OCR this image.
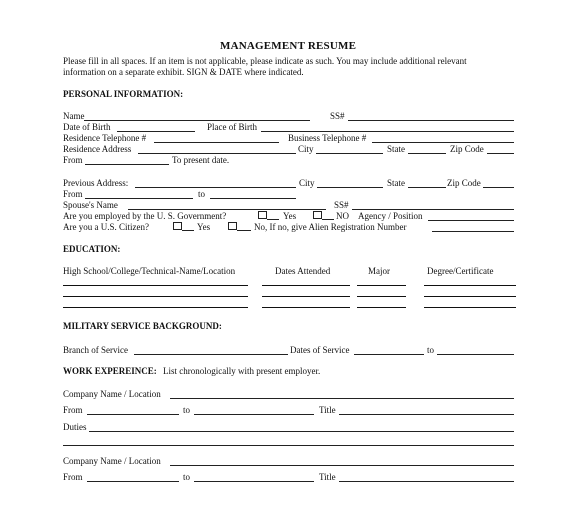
MANAGEMENT RESUME
Please fill in all spaces. If an item is not applicable, please indicate as such. You may include additional relevant
information on a separate exhibit. SIGN & DATE where indicated.
PERSONAL INFORMATION:
Name	SS#
Date of Birth	Place of Birth
Residence Telephone #	Business Telephone #
Residence Address	City	State	Zip Code
From	To present date.
Previous Address:	City	State	Zip Code
From	to
Spouse's Name	SS#
Are you employed by the U. S. Government?	Yes	NO Agency / Position
Are you a U.S. Citizen?	Yes	No, If no, give Alien Registration Number
EDUCATION:
High School/College/Technical-Name/Location	Dates Attended	Major	Degree/Certificate
MILITARY SERVICE BACKGROUND:
Branch of Service	Dates of Service	to
WORK EXPEREINCE: List chronologically with present employer.
Company Name / Location
From	to	Title
Duties
Company Name / Location
From	to	Title
